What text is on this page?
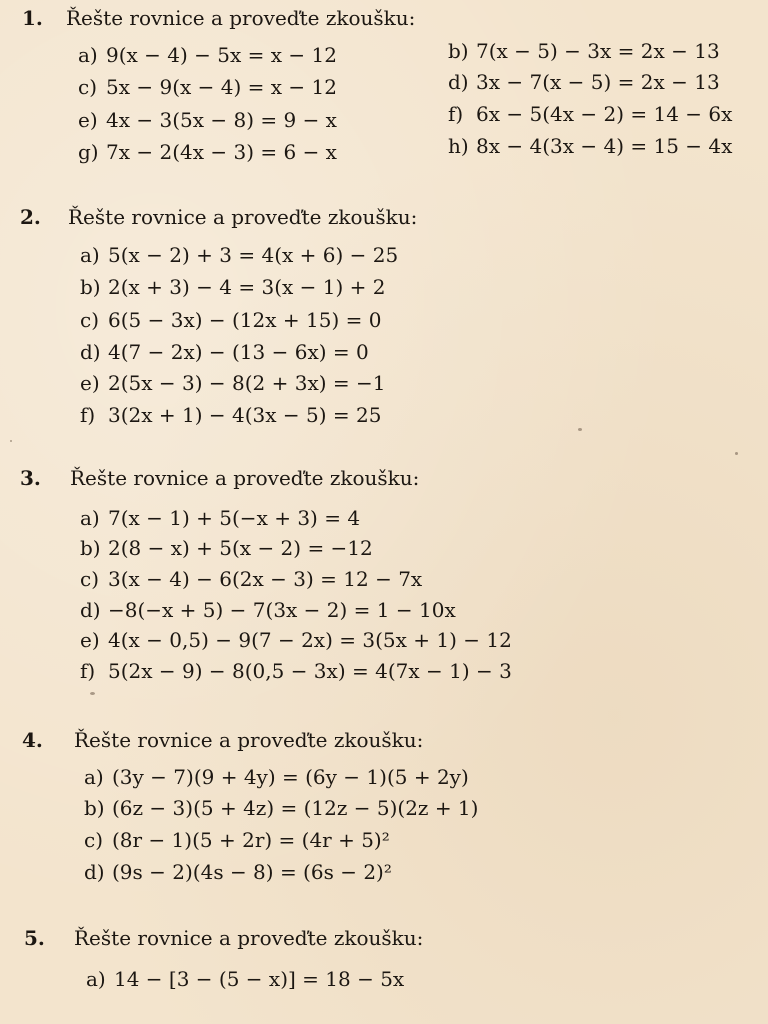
1. Řešte rovnice a proveďte zkoušku:
a) 9(x − 4) − 5x = x − 12	b) 7(x − 5) − 3x = 2x − 13
c) 5x − 9(x − 4) = x − 12	d) 3x − 7(x − 5) = 2x − 13
e) 4x − 3(5x − 8) = 9 − x	f) 6x − 5(4x − 2) = 14 − 6x
g) 7x − 2(4x − 3) = 6 − x	h) 8x − 4(3x − 4) = 15 − 4x
2. Řešte rovnice a proveďte zkoušku:
a) 5(x − 2) + 3 = 4(x + 6) − 25
b) 2(x + 3) − 4 = 3(x − 1) + 2
c) 6(5 − 3x) − (12x + 15) = 0
d) 4(7 − 2x) − (13 − 6x) = 0
e) 2(5x − 3) − 8(2 + 3x) = −1
f) 3(2x + 1) − 4(3x − 5) = 25
3. Řešte rovnice a proveďte zkoušku:
a) 7(x − 1) + 5(−x + 3) = 4
b) 2(8 − x) + 5(x − 2) = −12
c) 3(x − 4) − 6(2x − 3) = 12 − 7x
d) −8(−x + 5) − 7(3x − 2) = 1 − 10x
e) 4(x − 0,5) − 9(7 − 2x) = 3(5x + 1) − 12
f) 5(2x − 9) − 8(0,5 − 3x) = 4(7x − 1) − 3
4. Řešte rovnice a proveďte zkoušku:
a) (3y − 7)(9 + 4y) = (6y − 1)(5 + 2y)
b) (6z − 3)(5 + 4z) = (12z − 5)(2z + 1)
c) (8r − 1)(5 + 2r) = (4r + 5)²
d) (9s − 2)(4s − 8) = (6s − 2)²
5. Řešte rovnice a proveďte zkoušku:
a) 14 − [3 − (5 − x)] = 18 − 5x
